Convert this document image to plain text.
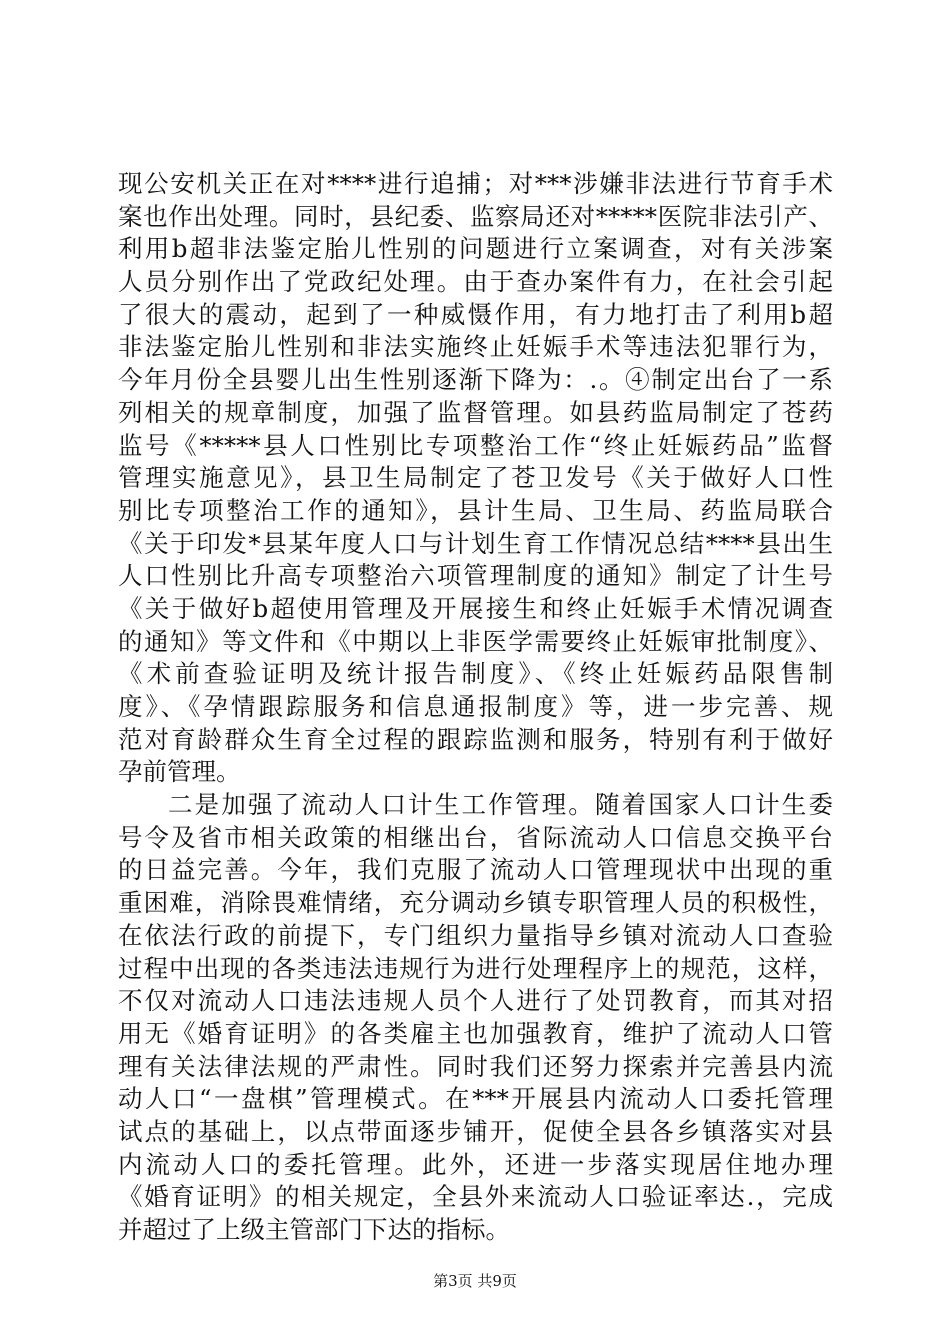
现公安机关正在对****进行追捕；对***涉嫌非法进行节育手术
案也作出处理。同时，县纪委、监察局还对*****医院非法引产、
利用b超非法鉴定胎儿性别的问题进行立案调查，对有关涉案
人员分别作出了党政纪处理。由于查办案件有力，在社会引起
了很大的震动，起到了一种威慑作用，有力地打击了利用b超
非法鉴定胎儿性别和非法实施终止妊娠手术等违法犯罪行为，
今年月份全县婴儿出生性别逐渐下降为：.。④制定出台了一系
列相关的规章制度，加强了监督管理。如县药监局制定了苍药
监号《*****县人口性别比专项整治工作“终止妊娠药品”监督
管理实施意见》，县卫生局制定了苍卫发号《关于做好人口性
别比专项整治工作的通知》，县计生局、卫生局、药监局联合
《关于印发*县某年度人口与计划生育工作情况总结****县出生
人口性别比升高专项整治六项管理制度的通知》制定了计生号
《关于做好b超使用管理及开展接生和终止妊娠手术情况调查
的通知》等文件和《中期以上非医学需要终止妊娠审批制度》、
《术前查验证明及统计报告制度》、《终止妊娠药品限售制
度》、《孕情跟踪服务和信息通报制度》等，进一步完善、规
范对育龄群众生育全过程的跟踪监测和服务，特别有利于做好
孕前管理。
二是加强了流动人口计生工作管理。随着国家人口计生委
号令及省市相关政策的相继出台，省际流动人口信息交换平台
的日益完善。今年，我们克服了流动人口管理现状中出现的重
重困难，消除畏难情绪，充分调动乡镇专职管理人员的积极性，
在依法行政的前提下，专门组织力量指导乡镇对流动人口查验
过程中出现的各类违法违规行为进行处理程序上的规范，这样，
不仅对流动人口违法违规人员个人进行了处罚教育，而其对招
用无《婚育证明》的各类雇主也加强教育，维护了流动人口管
理有关法律法规的严肃性。同时我们还努力探索并完善县内流
动人口“一盘棋”管理模式。在***开展县内流动人口委托管理
试点的基础上，以点带面逐步铺开，促使全县各乡镇落实对县
内流动人口的委托管理。此外，还进一步落实现居住地办理
《婚育证明》的相关规定，全县外来流动人口验证率达.，完成
并超过了上级主管部门下达的指标。
第3页 共9页
